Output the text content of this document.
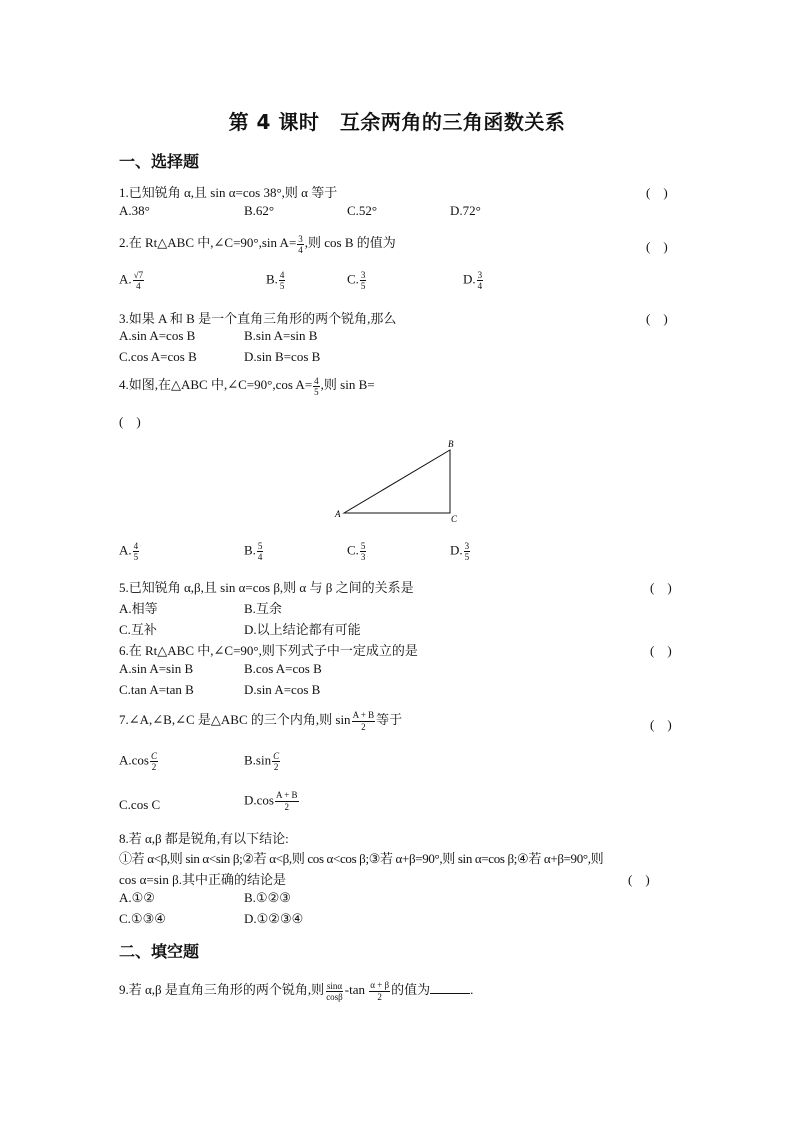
第 4 课时　互余两角的三角函数关系
一、选择题
1.已知锐角 α,且 sin α=cos 38°,则 α 等于	(　)
A.38°	B.62°	C.52°	D.72°
2.在 Rt△ABC 中,∠C=90°,sin $A= \frac{3}{4}$ ,则 cos B 的值为	(　)
A. $\frac{√7}{4}$	B. $\frac{4}{5}$	C. $\frac{3}{5}$	D. $\frac{3}{4}$
3.如果 A 和 B 是一个直角三角形的两个锐角,那么	(　)
A.sin A=cos B	B.sin A=sin B
C.cos A=cos B	D.sin B=cos B
4.如图,在△ABC 中,∠C=90°,cos $A= \frac{4}{5}$ ,则 sin B=
(　)
A
B
C
A. $\frac{4}{5}$	B. $\frac{5}{4}$	C. $\frac{5}{3}$	D. $\frac{3}{5}$
5.已知锐角 α,β,且 sin α=cos β,则 α 与 β 之间的关系是	(　)
A.相等	B.互余
C.互补	D.以上结论都有可能
6.在 Rt△ABC 中,∠C=90°,则下列式子中一定成立的是	(　)
A.sin A=sin B	B.cos A=cos B
C.tan A=tan B	D.sin A=cos B
7.∠A,∠B,∠C 是△ABC 的三个内角,则 $\sin \frac{A + B}{2}$ 等于	(　)
$A.\cos \frac{C}{2}$	$B.\sin \frac{C}{2}$
C.cos C	$D.\cos \frac{A + B}{2}$
8.若 α,β 都是锐角,有以下结论:
①若 α<β,则 sin α<sin β;②若 α<β,则 cos α<cos β;③若 α+β=90°,则 sin α=cos β;④若 α+β=90°,则
cos α=sin β.其中正确的结论是	(　)
A.①②	B.①②③
C.①③④	D.①②③④
二、填空题
9.若 α,β 是直角三角形的两个锐角,则 $\frac{\sin\alpha}{\cos\beta} -\tan \frac{\alpha + \beta}{2}$ 的值为	.
